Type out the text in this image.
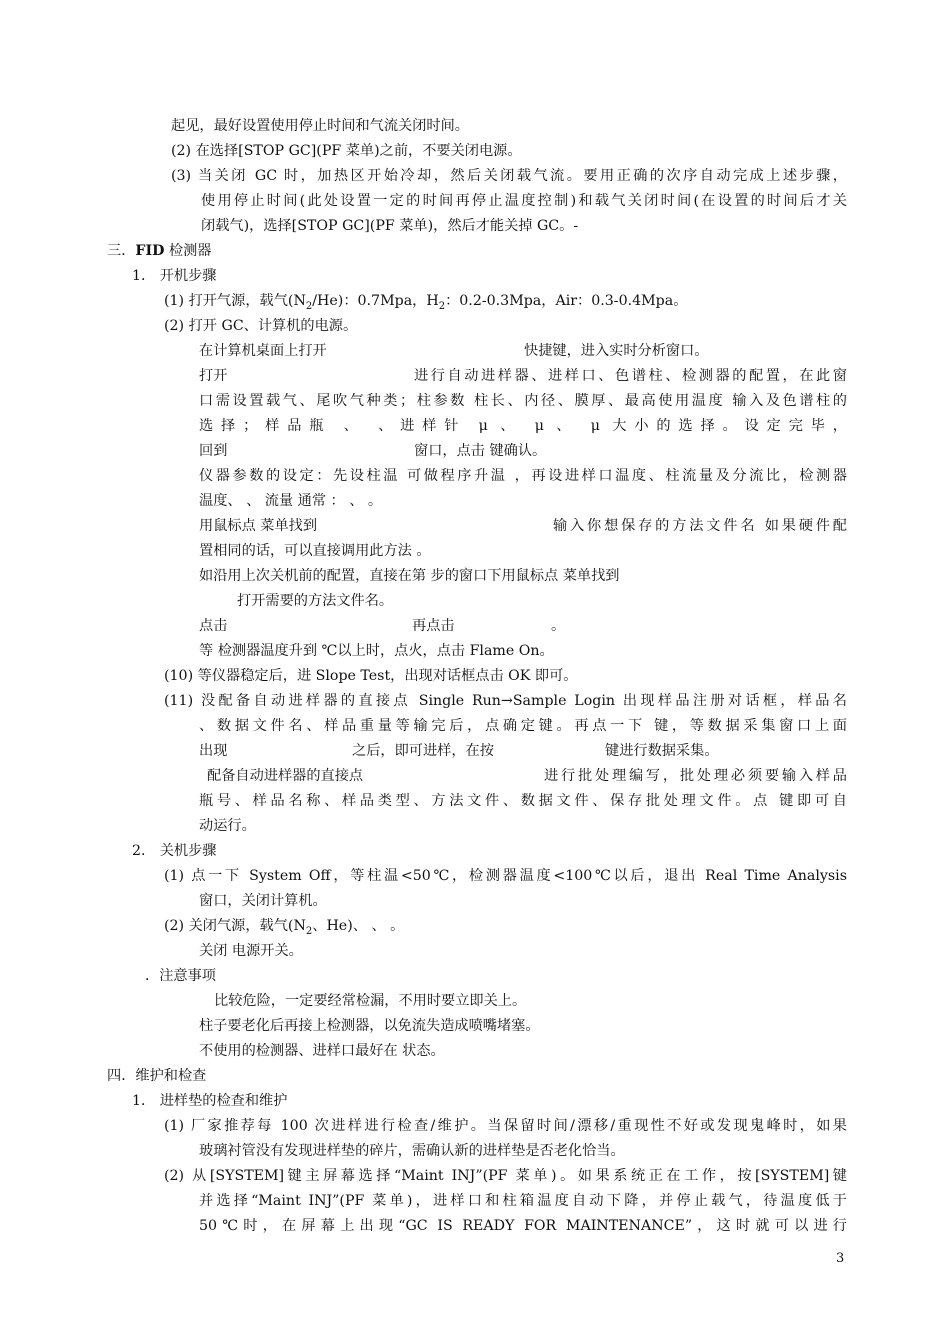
起见，最好设置使用停止时间和气流关闭时间。
(2) 在选择[STOP GC](PF 菜单)之前，不要关闭电源。
(3) 当关闭 GC 时，加热区开始冷却，然后关闭载气流。要用正确的次序自动完成上述步骤，
使用停止时间(此处设置一定的时间再停止温度控制)和载气关闭时间(在设置的时间后才关
闭载气)，选择[STOP GC](PF 菜单)，然后才能关掉 GC。-
三．FID 检测器
1． 开机步骤
(1) 打开气源，载气$(N_2/He)$：0.7Mpa，$H_2$：0.2-0.3Mpa，Air：0.3-0.4Mpa。
(2) 打开 GC、计算机的电源。
在计算机桌面上打开	快捷键，进入实时分析窗口。
打开	进行自动进样器、进样口、色谱柱、检测器的配置，在此窗
口需设置载气、尾吹气种类；柱参数 柱长、内径、膜厚、最高使用温度 输入及色谱柱的
选择；样品瓶 、 、进样针 μ 、 μ 、 μ 大小的选择。设定完毕，
回到	窗口，点击 键确认。
仪器参数的设定：先设柱温 可做程序升温 ，再设进样口温度、柱流量及分流比，检测器
温度、 、 流量 通常 ： 、 。
用鼠标点 菜单找到	输入你想保存的方法文件名 如果硬件配
置相同的话，可以直接调用此方法 。
如沿用上次关机前的配置，直接在第 步的窗口下用鼠标点 菜单找到
打开需要的方法文件名。
点击	再点击	。
等 检测器温度升到 ℃以上时，点火，点击 Flame On。
(10) 等仪器稳定后，进 Slope Test，出现对话框点击 OK 即可。
(11) 没配备自动进样器的直接点 Single Run→Sample Login 出现样品注册对话框，样品名
、数据文件名、样品重量等输完后，点确定键。再点一下 键，等数据采集窗口上面
出现	之后，即可进样，在按	键进行数据采集。
配备自动进样器的直接点	进行批处理编写，批处理必须要输入样品
瓶号、样品名称、样品类型、方法文件、数据文件、保存批处理文件。点 键即可自
动运行。
2． 关机步骤
(1) 点一下 System Off，等柱温<50℃，检测器温度<100℃以后，退出 Real Time Analysis
窗口，关闭计算机。
(2) 关闭气源，载气($N_2$、He)、 、 。
关闭 电源开关。
．注意事项
比较危险，一定要经常检漏，不用时要立即关上。
柱子要老化后再接上检测器，以免流失造成喷嘴堵塞。
不使用的检测器、进样口最好在 状态。
四．维护和检查
1． 进样垫的检查和维护
(1) 厂家推荐每 100 次进样进行检查/维护。当保留时间/漂移/重现性不好或发现鬼峰时，如果
玻璃衬管没有发现进样垫的碎片，需确认新的进样垫是否老化恰当。
(2) 从[SYSTEM]键主屏幕选择“Maint INJ”(PF 菜单)。如果系统正在工作，按[SYSTEM]键
并选择“Maint INJ”(PF 菜单)，进样口和柱箱温度自动下降，并停止载气，待温度低于
50℃时，在屏幕上出现“GC IS READY FOR MAINTENANCE”，这时就可以进行
3
